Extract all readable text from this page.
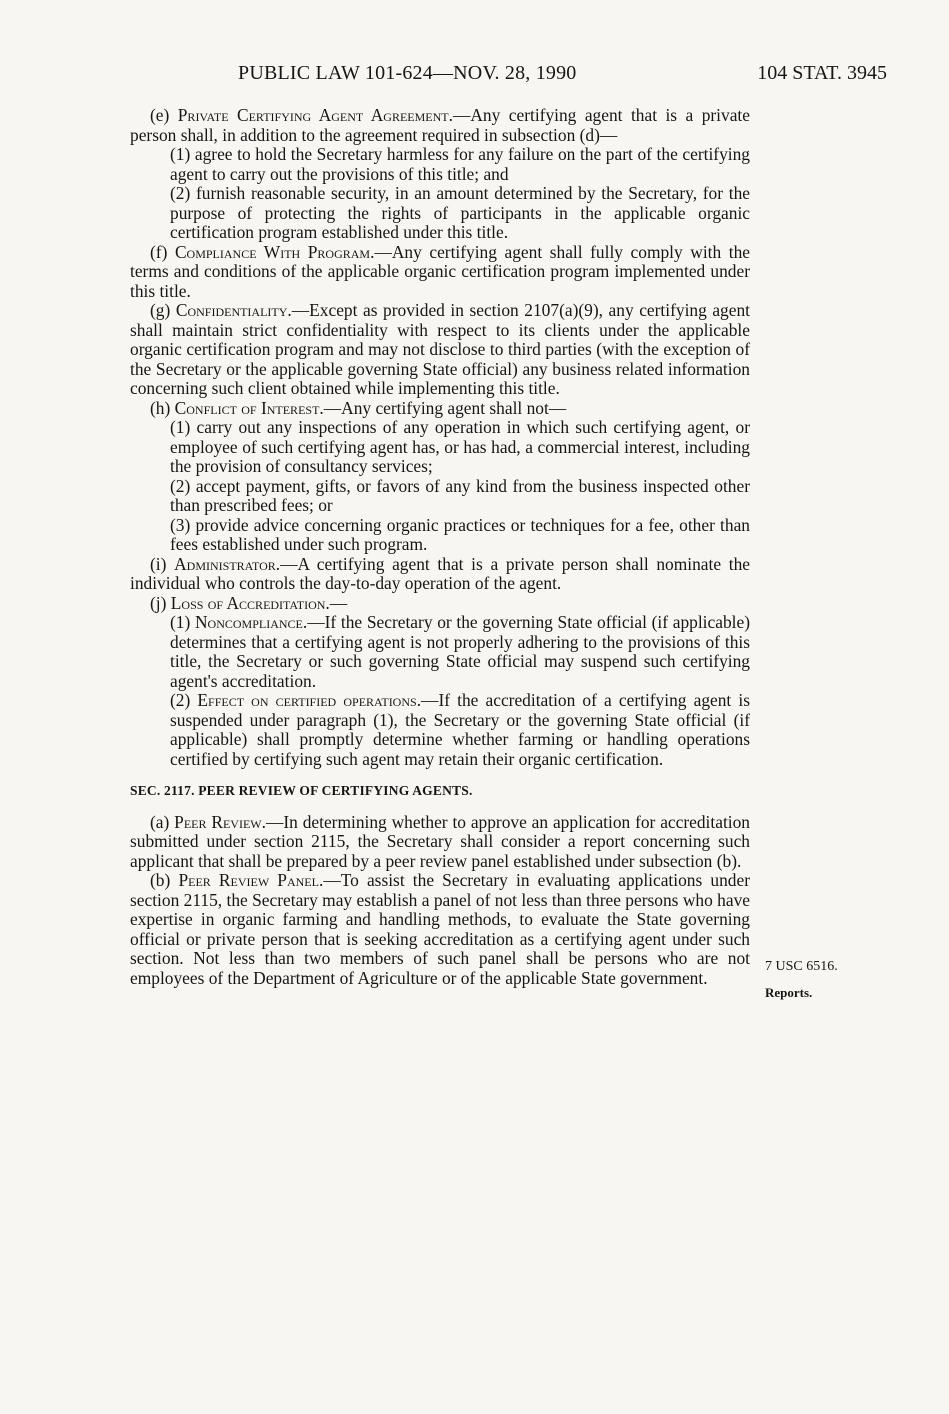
PUBLIC LAW 101-624—NOV. 28, 1990	104 STAT. 3945
7 USC 6516.
Reports.

(e) Private Certifying Agent Agreement.—Any certifying agent that is a private person shall, in addition to the agreement required in subsection (d)—

(1) agree to hold the Secretary harmless for any failure on the part of the certifying agent to carry out the provisions of this title; and

(2) furnish reasonable security, in an amount determined by the Secretary, for the purpose of protecting the rights of participants in the applicable organic certification program established under this title.

(f) Compliance With Program.—Any certifying agent shall fully comply with the terms and conditions of the applicable organic certification program implemented under this title.

(g) Confidentiality.—Except as provided in section 2107(a)(9), any certifying agent shall maintain strict confidentiality with respect to its clients under the applicable organic certification program and may not disclose to third parties (with the exception of the Secretary or the applicable governing State official) any business related information concerning such client obtained while implementing this title.

(h) Conflict of Interest.—Any certifying agent shall not—

(1) carry out any inspections of any operation in which such certifying agent, or employee of such certifying agent has, or has had, a commercial interest, including the provision of consultancy services;

(2) accept payment, gifts, or favors of any kind from the business inspected other than prescribed fees; or

(3) provide advice concerning organic practices or techniques for a fee, other than fees established under such program.

(i) Administrator.—A certifying agent that is a private person shall nominate the individual who controls the day-to-day operation of the agent.

(j) Loss of Accreditation.—

(1) Noncompliance.—If the Secretary or the governing State official (if applicable) determines that a certifying agent is not properly adhering to the provisions of this title, the Secretary or such governing State official may suspend such certifying agent's accreditation.

(2) Effect on certified operations.—If the accreditation of a certifying agent is suspended under paragraph (1), the Secretary or the governing State official (if applicable) shall promptly determine whether farming or handling operations certified by certifying such agent may retain their organic certification.

SEC. 2117. PEER REVIEW OF CERTIFYING AGENTS.

(a) Peer Review.—In determining whether to approve an application for accreditation submitted under section 2115, the Secretary shall consider a report concerning such applicant that shall be prepared by a peer review panel established under subsection (b).

(b) Peer Review Panel.—To assist the Secretary in evaluating applications under section 2115, the Secretary may establish a panel of not less than three persons who have expertise in organic farming and handling methods, to evaluate the State governing official or private person that is seeking accreditation as a certifying agent under such section. Not less than two members of such panel shall be persons who are not employees of the Department of Agriculture or of the applicable State government.
